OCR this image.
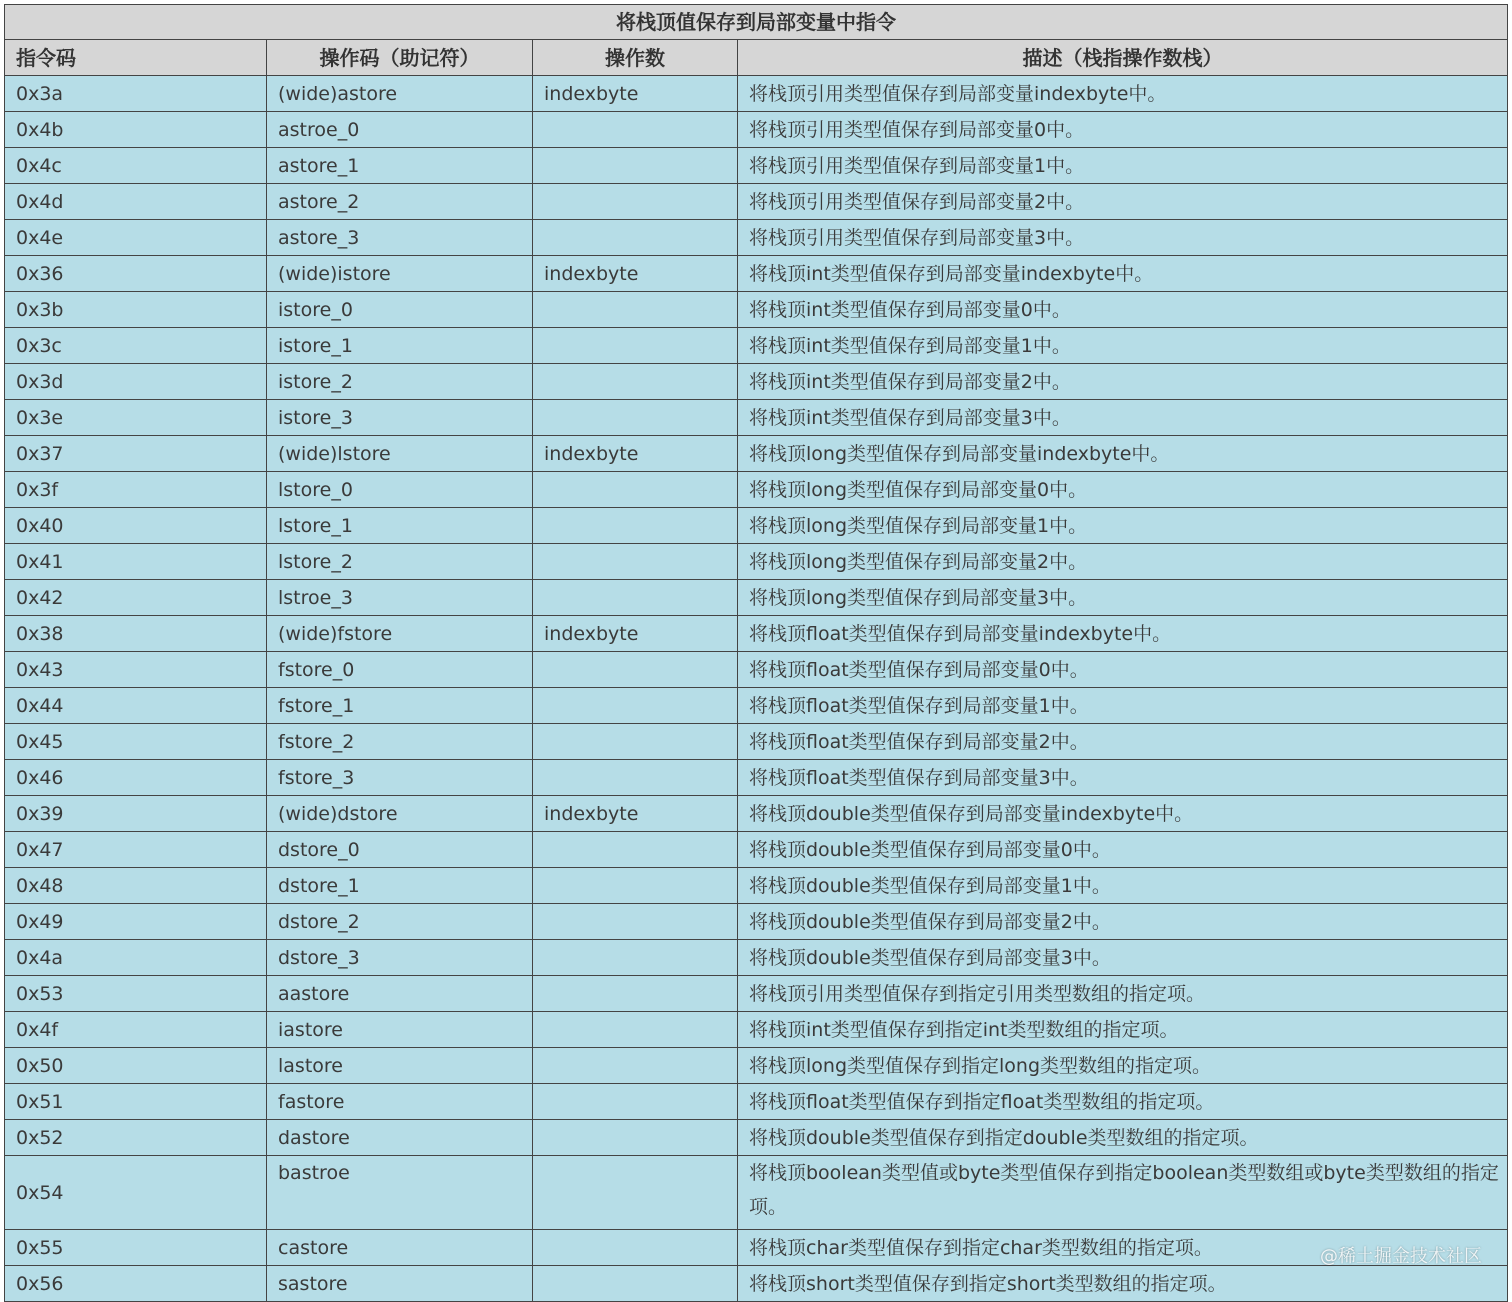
将栈顶值保存到局部变量中指令			
指令码	操作码（助记符）	操作数	描述（栈指操作数栈）
0x3a	(wide)astore	indexbyte	将栈顶引用类型值保存到局部变量indexbyte中。
0x4b	astroe_0		将栈顶引用类型值保存到局部变量0中。
0x4c	astore_1		将栈顶引用类型值保存到局部变量1中。
0x4d	astore_2		将栈顶引用类型值保存到局部变量2中。
0x4e	astore_3		将栈顶引用类型值保存到局部变量3中。
0x36	(wide)istore	indexbyte	将栈顶int类型值保存到局部变量indexbyte中。
0x3b	istore_0		将栈顶int类型值保存到局部变量0中。
0x3c	istore_1		将栈顶int类型值保存到局部变量1中。
0x3d	istore_2		将栈顶int类型值保存到局部变量2中。
0x3e	istore_3		将栈顶int类型值保存到局部变量3中。
0x37	(wide)lstore	indexbyte	将栈顶long类型值保存到局部变量indexbyte中。
0x3f	lstore_0		将栈顶long类型值保存到局部变量0中。
0x40	lstore_1		将栈顶long类型值保存到局部变量1中。
0x41	lstore_2		将栈顶long类型值保存到局部变量2中。
0x42	lstroe_3		将栈顶long类型值保存到局部变量3中。
0x38	(wide)fstore	indexbyte	将栈顶float类型值保存到局部变量indexbyte中。
0x43	fstore_0		将栈顶float类型值保存到局部变量0中。
0x44	fstore_1		将栈顶float类型值保存到局部变量1中。
0x45	fstore_2		将栈顶float类型值保存到局部变量2中。
0x46	fstore_3		将栈顶float类型值保存到局部变量3中。
0x39	(wide)dstore	indexbyte	将栈顶double类型值保存到局部变量indexbyte中。
0x47	dstore_0		将栈顶double类型值保存到局部变量0中。
0x48	dstore_1		将栈顶double类型值保存到局部变量1中。
0x49	dstore_2		将栈顶double类型值保存到局部变量2中。
0x4a	dstore_3		将栈顶double类型值保存到局部变量3中。
0x53	aastore		将栈顶引用类型值保存到指定引用类型数组的指定项。
0x4f	iastore		将栈顶int类型值保存到指定int类型数组的指定项。
0x50	lastore		将栈顶long类型值保存到指定long类型数组的指定项。
0x51	fastore		将栈顶float类型值保存到指定float类型数组的指定项。
0x52	dastore		将栈顶double类型值保存到指定double类型数组的指定项。
0x54	bastroe		将栈顶boolean类型值或byte类型值保存到指定boolean类型数组或byte类型数组的指定项。
0x55	castore		将栈顶char类型值保存到指定char类型数组的指定项。
0x56	sastore		将栈顶short类型值保存到指定short类型数组的指定项。
@稀土掘金技术社区
